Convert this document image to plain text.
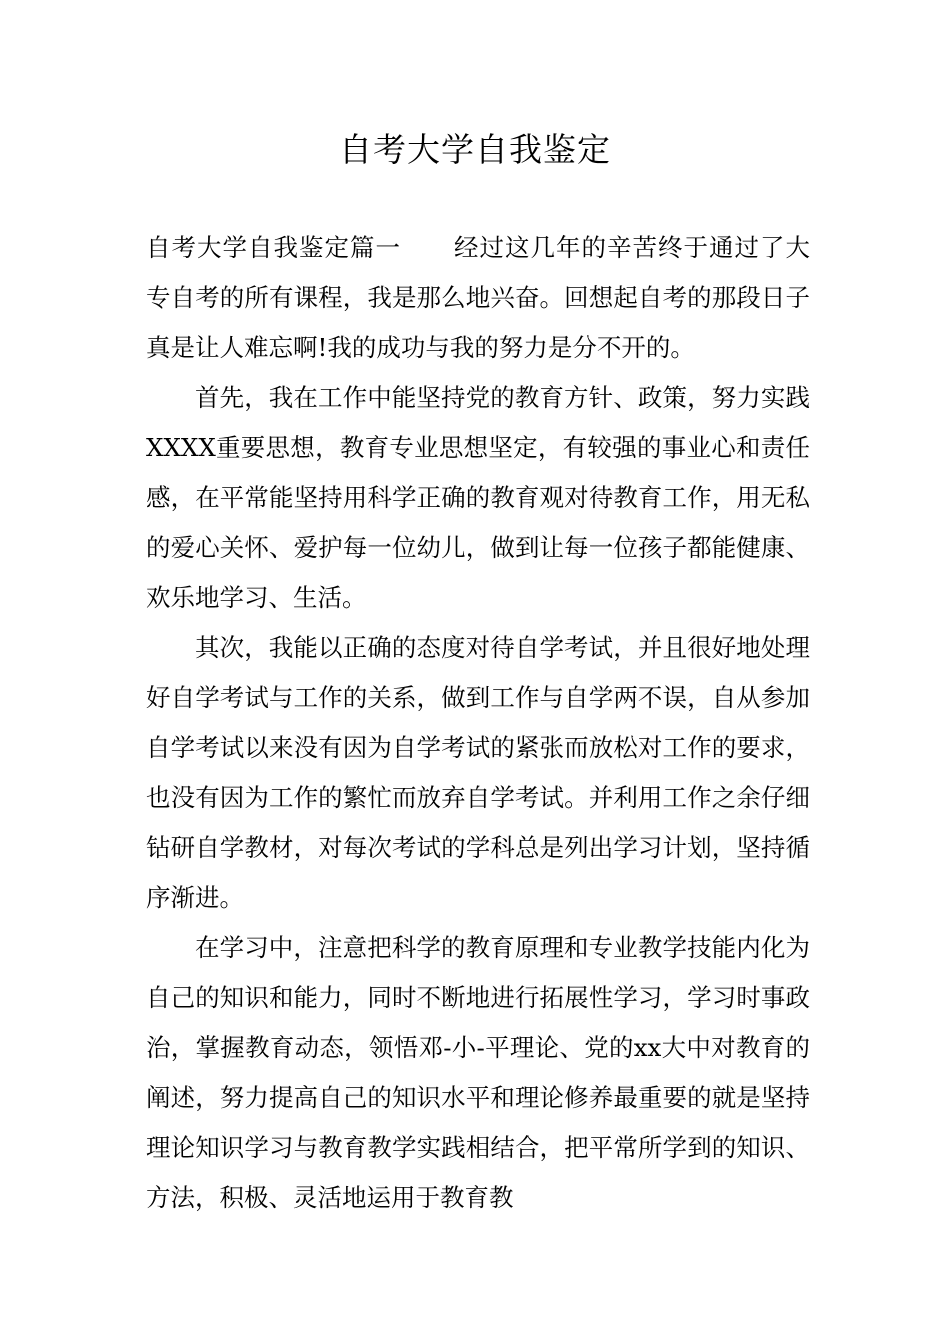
自考大学自我鉴定

自考大学自我鉴定篇一 经过这几年的辛苦终于通过了大专自考的所有课程，我是那么地兴奋。回想起自考的那段日子真是让人难忘啊!我的成功与我的努力是分不开的。

首先，我在工作中能坚持党的教育方针、政策，努力实践XXXX重要思想，教育专业思想坚定，有较强的事业心和责任感，在平常能坚持用科学正确的教育观对待教育工作，用无私的爱心关怀、爱护每一位幼儿，做到让每一位孩子都能健康、欢乐地学习、生活。

其次，我能以正确的态度对待自学考试，并且很好地处理好自学考试与工作的关系，做到工作与自学两不误，自从参加自学考试以来没有因为自学考试的紧张而放松对工作的要求，也没有因为工作的繁忙而放弃自学考试。并利用工作之余仔细钻研自学教材，对每次考试的学科总是列出学习计划，坚持循序渐进。

在学习中，注意把科学的教育原理和专业教学技能内化为自己的知识和能力，同时不断地进行拓展性学习，学习时事政治，掌握教育动态，领悟邓-小-平理论、党的xx大中对教育的阐述，努力提高自己的知识水平和理论修养最重要的就是坚持理论知识学习与教育教学实践相结合，把平常所学到的知识、方法，积极、灵活地运用于教育教
